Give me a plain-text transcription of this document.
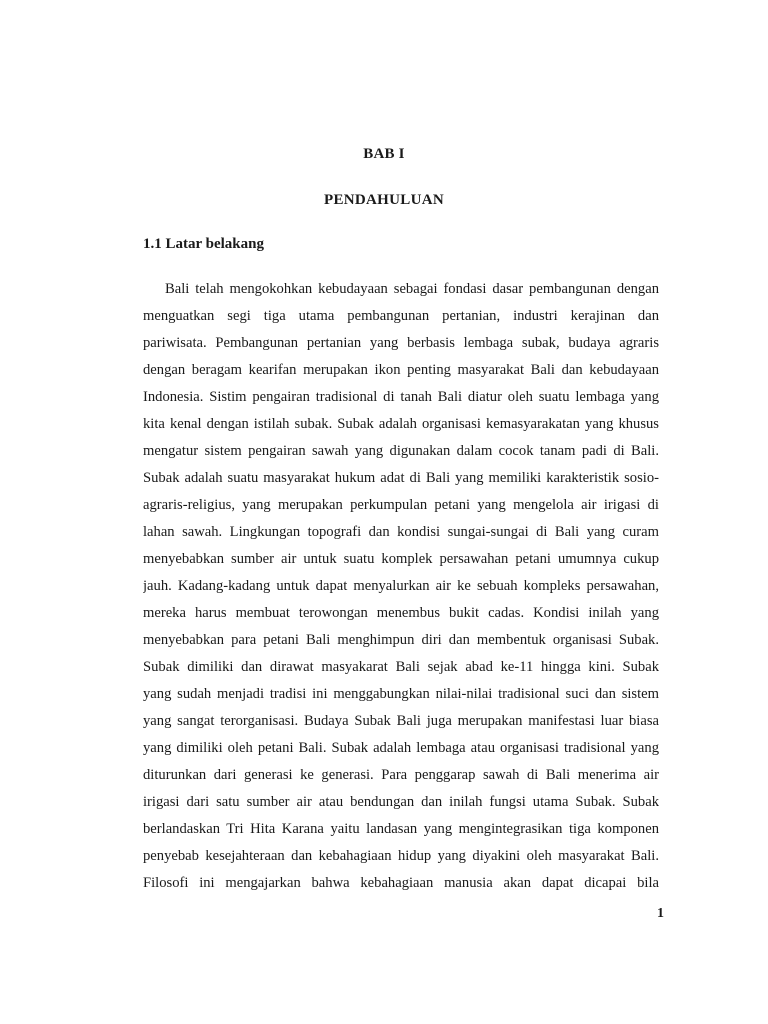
BAB I
PENDAHULUAN
1.1 Latar belakang
Bali telah mengokohkan kebudayaan sebagai fondasi dasar pembangunan dengan
menguatkan segi tiga utama pembangunan pertanian, industri kerajinan dan
pariwisata. Pembangunan pertanian yang berbasis lembaga subak, budaya agraris
dengan beragam kearifan merupakan ikon penting masyarakat Bali dan kebudayaan
Indonesia. Sistim pengairan tradisional di tanah Bali diatur oleh suatu lembaga yang
kita kenal dengan istilah subak. Subak adalah organisasi kemasyarakatan yang khusus
mengatur sistem pengairan sawah yang digunakan dalam cocok tanam padi di Bali.
Subak adalah suatu masyarakat hukum adat di Bali yang memiliki karakteristik sosio-
agraris-religius, yang merupakan perkumpulan petani yang mengelola air irigasi di
lahan sawah. Lingkungan topografi dan kondisi sungai-sungai di Bali yang curam
menyebabkan sumber air untuk suatu komplek persawahan petani umumnya cukup
jauh. Kadang-kadang untuk dapat menyalurkan air ke sebuah kompleks persawahan,
mereka harus membuat terowongan menembus bukit cadas. Kondisi inilah yang
menyebabkan para petani Bali menghimpun diri dan membentuk organisasi Subak.
Subak dimiliki dan dirawat masyakarat Bali sejak abad ke-11 hingga kini. Subak
yang sudah menjadi tradisi ini menggabungkan nilai-nilai tradisional suci dan sistem
yang sangat terorganisasi. Budaya Subak Bali juga merupakan manifestasi luar biasa
yang dimiliki oleh petani Bali. Subak adalah lembaga atau organisasi tradisional yang
diturunkan dari generasi ke generasi. Para penggarap sawah di Bali menerima air
irigasi dari satu sumber air atau bendungan dan inilah fungsi utama Subak. Subak
berlandaskan Tri Hita Karana yaitu landasan yang mengintegrasikan tiga komponen
penyebab kesejahteraan dan kebahagiaan hidup yang diyakini oleh masyarakat Bali.
Filosofi ini mengajarkan bahwa kebahagiaan manusia akan dapat dicapai bila
1
